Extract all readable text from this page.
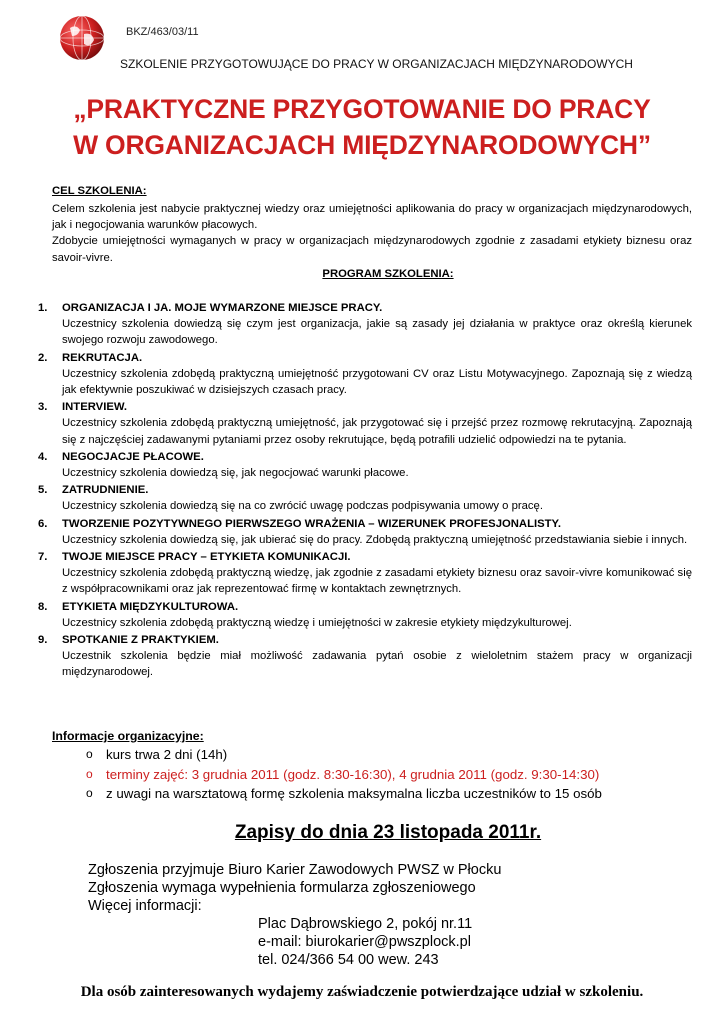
BKZ/463/03/11
SZKOLENIE PRZYGOTOWUJĄCE DO PRACY W ORGANIZACJACH MIĘDZYNARODOWYCH
„PRAKTYCZNE PRZYGOTOWANIE DO PRACY
W ORGANIZACJACH MIĘDZYNARODOWYCH”
CEL SZKOLENIA:
Celem szkolenia jest nabycie praktycznej wiedzy oraz umiejętności aplikowania do pracy w organizacjach międzynarodowych, jak i negocjowania warunków płacowych.
Zdobycie umiejętności wymaganych w pracy w organizacjach międzynarodowych zgodnie z zasadami etykiety biznesu oraz savoir-vivre.
PROGRAM SZKOLENIA:
1. ORGANIZACJA I JA. MOJE WYMARZONE MIEJSCE PRACY.
Uczestnicy szkolenia dowiedzą się czym jest organizacja, jakie są zasady jej działania w praktyce oraz określą kierunek swojego rozwoju zawodowego.
2. REKRUTACJA.
Uczestnicy szkolenia zdobędą praktyczną umiejętność przygotowani CV oraz Listu Motywacyjnego. Zapoznają się z wiedzą jak efektywnie poszukiwać w dzisiejszych czasach pracy.
3. INTERVIEW.
Uczestnicy szkolenia zdobędą praktyczną umiejętność, jak przygotować się i przejść przez rozmowę rekrutacyjną. Zapoznają się z najczęściej zadawanymi pytaniami przez osoby rekrutujące, będą potrafili udzielić odpowiedzi na te pytania.
4. NEGOCJACJE PŁACOWE.
Uczestnicy szkolenia dowiedzą się, jak negocjować warunki płacowe.
5. ZATRUDNIENIE.
Uczestnicy szkolenia dowiedzą się na co zwrócić uwagę podczas podpisywania umowy o pracę.
6. TWORZENIE POZYTYWNEGO PIERWSZEGO WRAŻENIA – WIZERUNEK PROFESJONALISTY.
Uczestnicy szkolenia dowiedzą się, jak ubierać się do pracy. Zdobędą praktyczną umiejętność przedstawiania siebie i innych.
7. TWOJE MIEJSCE PRACY – ETYKIETA KOMUNIKACJI.
Uczestnicy szkolenia zdobędą praktyczną wiedzę, jak zgodnie z zasadami etykiety biznesu oraz savoir-vivre komunikować się z współpracownikami oraz jak reprezentować firmę w kontaktach zewnętrznych.
8. ETYKIETA MIĘDZYKULTUROWA.
Uczestnicy szkolenia zdobędą praktyczną wiedzę i umiejętności w zakresie etykiety międzykulturowej.
9. SPOTKANIE Z PRAKTYKIEM.
Uczestnik szkolenia będzie miał możliwość zadawania pytań osobie z wieloletnim stażem pracy w organizacji międzynarodowej.
Informacje organizacyjne:
o kurs trwa 2 dni (14h)
o terminy zajęć: 3 grudnia 2011 (godz. 8:30-16:30), 4 grudnia 2011 (godz. 9:30-14:30)
o z uwagi na warsztatową formę szkolenia maksymalna liczba uczestników to 15 osób
Zapisy do dnia 23 listopada 2011r.
Zgłoszenia przyjmuje Biuro Karier Zawodowych PWSZ w Płocku
Zgłoszenia wymaga wypełnienia formularza zgłoszeniowego
Więcej informacji:
Plac Dąbrowskiego 2, pokój nr.11
e-mail: biurokarier@pwszplock.pl
tel. 024/366 54 00 wew. 243
Dla osób zainteresowanych wydajemy zaświadczenie potwierdzające udział w szkoleniu.
